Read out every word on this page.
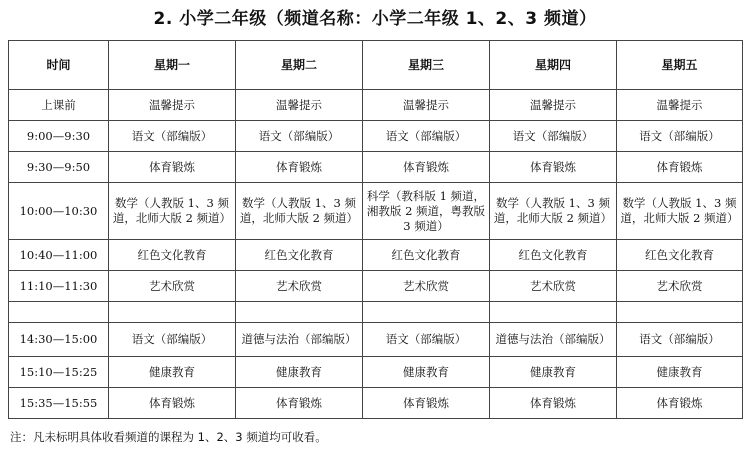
2. 小学二年级（频道名称：小学二年级 1、2、3 频道）
时间	星期一	星期二	星期三	星期四	星期五
上课前	温馨提示	温馨提示	温馨提示	温馨提示	温馨提示
9:00—9:30	语文（部编版）	语文（部编版）	语文（部编版）	语文（部编版）	语文（部编版）
9:30—9:50	体育锻炼	体育锻炼	体育锻炼	体育锻炼	体育锻炼
10:00—10:30	数学（人教版 1、3 频道，北师大版 2 频道）	数学（人教版 1、3 频道，北师大版 2 频道）	科学（教科版 1 频道，湘教版 2 频道，粤教版 3 频道）	数学（人教版 1、3 频道，北师大版 2 频道）	数学（人教版 1、3 频道，北师大版 2 频道）
10:40—11:00	红色文化教育	红色文化教育	红色文化教育	红色文化教育	红色文化教育
11:10—11:30	艺术欣赏	艺术欣赏	艺术欣赏	艺术欣赏	艺术欣赏

14:30—15:00	语文（部编版）	道德与法治（部编版）	语文（部编版）	道德与法治（部编版）	语文（部编版）
15:10—15:25	健康教育	健康教育	健康教育	健康教育	健康教育
15:35—15:55	体育锻炼	体育锻炼	体育锻炼	体育锻炼	体育锻炼
注：凡未标明具体收看频道的课程为 1、2、3 频道均可收看。
